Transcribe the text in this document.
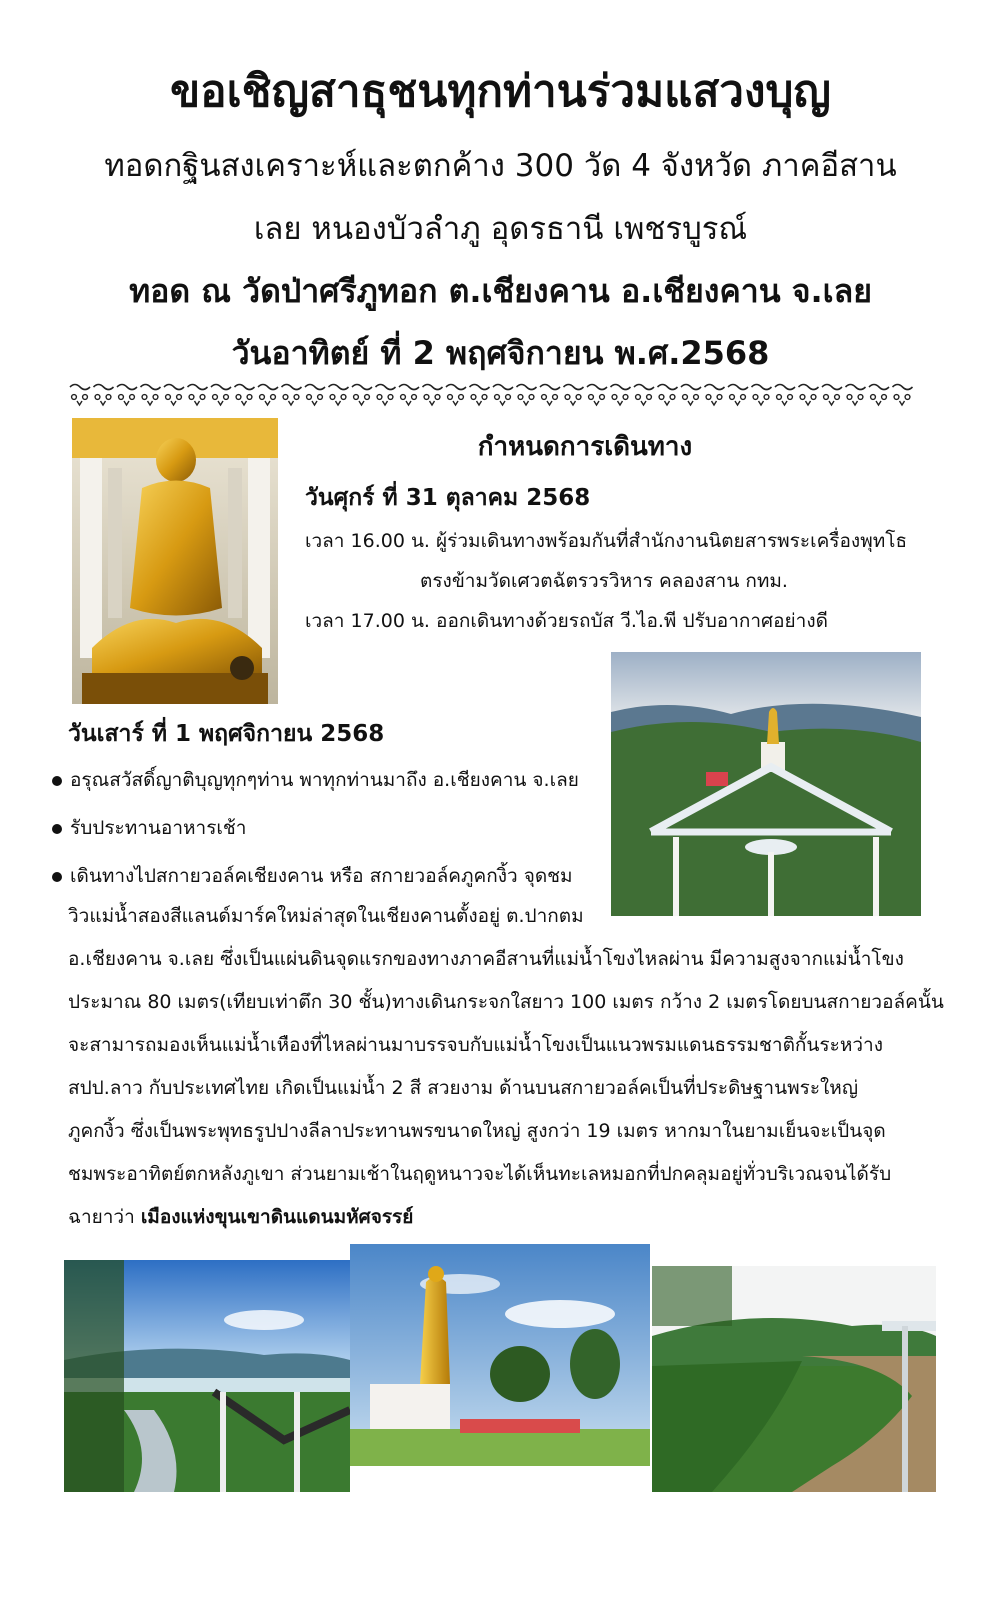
ขอเชิญสาธุชนทุกท่านร่วมแสวงบุญ
ทอดกฐินสงเคราะห์และตกค้าง 300 วัด 4 จังหวัด ภาคอีสาน
เลย หนองบัวลำภู อุดรธานี เพชรบูรณ์
ทอด ณ วัดป่าศรีภูทอก ต.เชียงคาน อ.เชียงคาน จ.เลย
วันอาทิตย์ ที่ 2 พฤศจิกายน พ.ศ.2568
กำหนดการเดินทาง
วันศุกร์ ที่ 31 ตุลาคม 2568
เวลา 16.00 น. ผู้ร่วมเดินทางพร้อมกันที่สำนักงานนิตยสารพระเครื่องพุทโธ
ตรงข้ามวัดเศวตฉัตรวรวิหาร คลองสาน กทม.
เวลา 17.00 น. ออกเดินทางด้วยรถบัส วี.ไอ.พี ปรับอากาศอย่างดี
วันเสาร์ ที่ 1 พฤศจิกายน 2568
อรุณสวัสดิ์ญาติบุญทุกๆท่าน พาทุกท่านมาถึง อ.เชียงคาน จ.เลย
รับประทานอาหารเช้า
เดินทางไปสกายวอล์คเชียงคาน หรือ สกายวอล์คภูคกงิ้ว จุดชม
วิวแม่น้ำสองสีแลนด์มาร์คใหม่ล่าสุดในเชียงคานตั้งอยู่ ต.ปากตม
อ.เชียงคาน จ.เลย ซึ่งเป็นแผ่นดินจุดแรกของทางภาคอีสานที่แม่น้ำโขงไหลผ่าน มีความสูงจากแม่น้ำโขง
ประมาณ 80 เมตร(เทียบเท่าตึก 30 ชั้น)ทางเดินกระจกใสยาว 100 เมตร กว้าง 2 เมตรโดยบนสกายวอล์คนั้น
จะสามารถมองเห็นแม่น้ำเหืองที่ไหลผ่านมาบรรจบกับแม่น้ำโขงเป็นแนวพรมแดนธรรมชาติกั้นระหว่าง
สปป.ลาว กับประเทศไทย เกิดเป็นแม่น้ำ 2 สี สวยงาม ด้านบนสกายวอล์คเป็นที่ประดิษฐานพระใหญ่
ภูคกงิ้ว ซึ่งเป็นพระพุทธรูปปางลีลาประทานพรขนาดใหญ่ สูงกว่า 19 เมตร หากมาในยามเย็นจะเป็นจุด
ชมพระอาทิตย์ตกหลังภูเขา ส่วนยามเช้าในฤดูหนาวจะได้เห็นทะเลหมอกที่ปกคลุมอยู่ทั่วบริเวณจนได้รับ
ฉายาว่า เมืองแห่งขุนเขาดินแดนมหัศจรรย์
